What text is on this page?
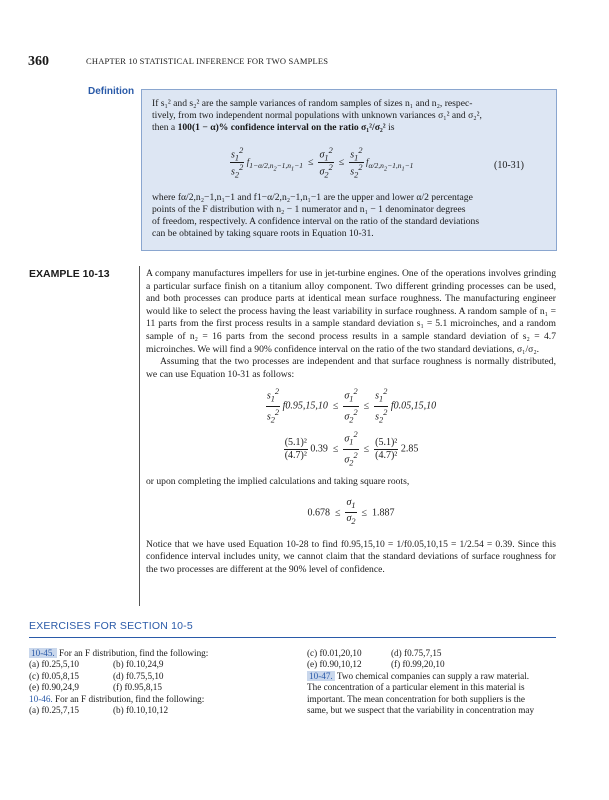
360	CHAPTER 10 STATISTICAL INFERENCE FOR TWO SAMPLES
Definition
If s₁² and s₂² are the sample variances of random samples of sizes n₁ and n₂, respec-
tively, from two independent normal populations with unknown variances σ₁² and σ₂²,
then a 100(1 − α)% confidence interval on the ratio σ₁²/σ₂² is
$\frac{s_1^2}{s_2^2} f_{1-\alpha/2,n_2-1,n_1-1} \le \frac{\sigma_1^2}{\sigma_2^2} \le \frac{s_1^2}{s_2^2} f_{\alpha/2,n_2-1,n_1-1}$	(10-31)
where fα/2,n₂−1,n₁−1 and f1−α/2,n₂−1,n₁−1 are the upper and lower α/2 percentage
points of the F distribution with n₂ − 1 numerator and n₁ − 1 denominator degrees
of freedom, respectively. A confidence interval on the ratio of the standard deviations
can be obtained by taking square roots in Equation 10-31.
EXAMPLE 10-13	A company manufactures impellers for use in jet-turbine engines. One of the operations involves grinding a particular surface finish on a titanium alloy component. Two different grinding processes can be used, and both processes can produce parts at identical mean surface roughness. The manufacturing engineer would like to select the process having the least variability in surface roughness. A random sample of n₁ = 11 parts from the first process results in a sample standard deviation s₁ = 5.1 microinches, and a random sample of n₂ = 16 parts from the second process results in a sample standard deviation of s₂ = 4.7 microinches. We will find a 90% confidence interval on the ratio of the two standard deviations, σ₁/σ₂.
Assuming that the two processes are independent and that surface roughness is normally distributed, we can use Equation 10-31 as follows:
$\frac{s_1^2}{s_2^2} f0.95,15,10 \le \frac{\sigma_1^2}{\sigma_2^2} \le \frac{s_1^2}{s_2^2} f0.05,15,10$
$\frac{\text{(5.1)²}}{\text{(4.7)²}} 0.39 \le \frac{\sigma_1^2}{\sigma_2^2} \le \frac{\text{(5.1)²}}{\text{(4.7)²}} 2.85$
or upon completing the implied calculations and taking square roots,
$0.678 \le \frac{\sigma_1}{\sigma_2} \le 1.887$
Notice that we have used Equation 10-28 to find f0.95,15,10 = 1/f0.05,10,15 = 1/2.54 = 0.39. Since this confidence interval includes unity, we cannot claim that the standard deviations of surface roughness for the two processes are different at the 90% level of confidence.
EXERCISES FOR SECTION 10-5
10-45. For an F distribution, find the following:
(a) f0.25,5,10	(b) f0.10,24,9
(c) f0.05,8,15	(d) f0.75,5,10
(e) f0.90,24,9	(f) f0.95,8,15
10-46. For an F distribution, find the following:
(a) f0.25,7,15	(b) f0.10,10,12
(c) f0.01,20,10	(d) f0.75,7,15
(e) f0.90,10,12	(f) f0.99,20,10
10-47. Two chemical companies can supply a raw material.
The concentration of a particular element in this material is
important. The mean concentration for both suppliers is the
same, but we suspect that the variability in concentration may
